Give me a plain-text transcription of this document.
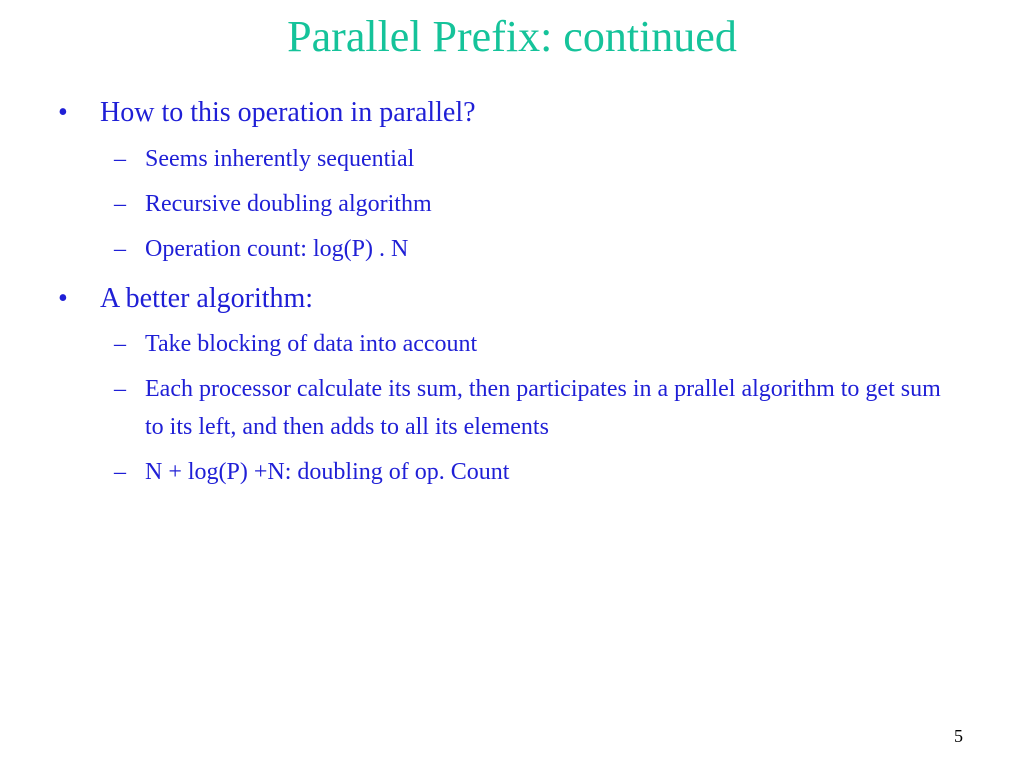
Parallel Prefix: continued
• How to this operation in parallel?
– Seems inherently sequential
– Recursive doubling algorithm
– Operation count: log(P) . N
• A better algorithm:
– Take blocking of data into account
– Each processor calculate its sum, then participates in a prallel algorithm to get sum to its left, and then adds to all its elements
– N + log(P) +N: doubling of op. Count
5
